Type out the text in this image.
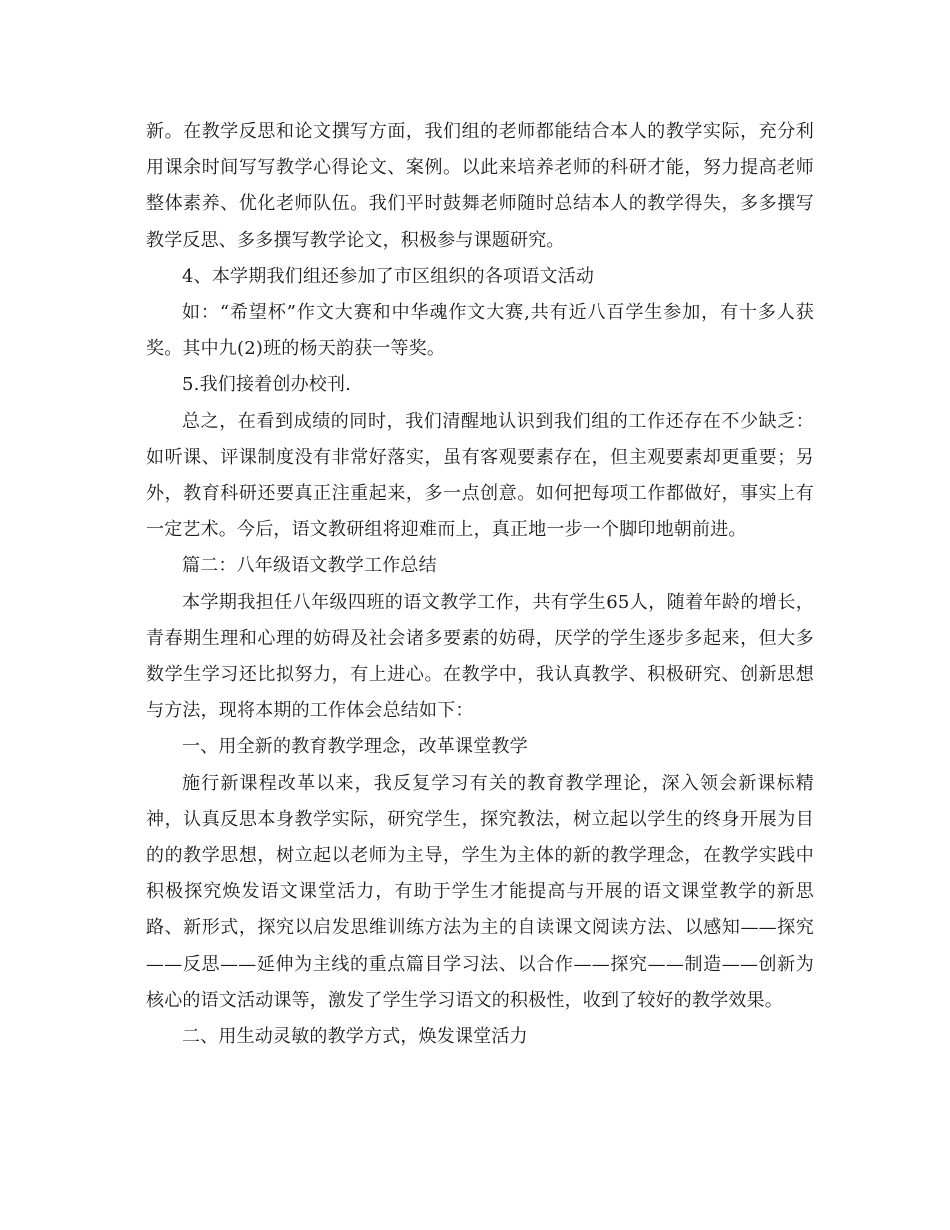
新。在教学反思和论文撰写方面，我们组的老师都能结合本人的教学实际，充分利用课余时间写写教学心得论文、案例。以此来培养老师的科研才能，努力提高老师整体素养、优化老师队伍。我们平时鼓舞老师随时总结本人的教学得失，多多撰写教学反思、多多撰写教学论文，积极参与课题研究。

4、本学期我们组还参加了市区组织的各项语文活动

如：“希望杯”作文大赛和中华魂作文大赛,共有近八百学生参加，有十多人获奖。其中九(2)班的杨天韵获一等奖。

5.我们接着创办校刊.

总之，在看到成绩的同时，我们清醒地认识到我们组的工作还存在不少缺乏：如听课、评课制度没有非常好落实，虽有客观要素存在，但主观要素却更重要；另外，教育科研还要真正注重起来，多一点创意。如何把每项工作都做好，事实上有一定艺术。今后，语文教研组将迎难而上，真正地一步一个脚印地朝前进。

篇二：八年级语文教学工作总结

本学期我担任八年级四班的语文教学工作，共有学生65人，随着年龄的增长，青春期生理和心理的妨碍及社会诸多要素的妨碍，厌学的学生逐步多起来，但大多数学生学习还比拟努力，有上进心。在教学中，我认真教学、积极研究、创新思想与方法，现将本期的工作体会总结如下：

一、用全新的教育教学理念，改革课堂教学

施行新课程改革以来，我反复学习有关的教育教学理论，深入领会新课标精神，认真反思本身教学实际，研究学生，探究教法，树立起以学生的终身开展为目的的教学思想，树立起以老师为主导，学生为主体的新的教学理念，在教学实践中积极探究焕发语文课堂活力，有助于学生才能提高与开展的语文课堂教学的新思路、新形式，探究以启发思维训练方法为主的自读课文阅读方法、以感知——探究——反思——延伸为主线的重点篇目学习法、以合作——探究——制造——创新为核心的语文活动课等，激发了学生学习语文的积极性，收到了较好的教学效果。

二、用生动灵敏的教学方式，焕发课堂活力
